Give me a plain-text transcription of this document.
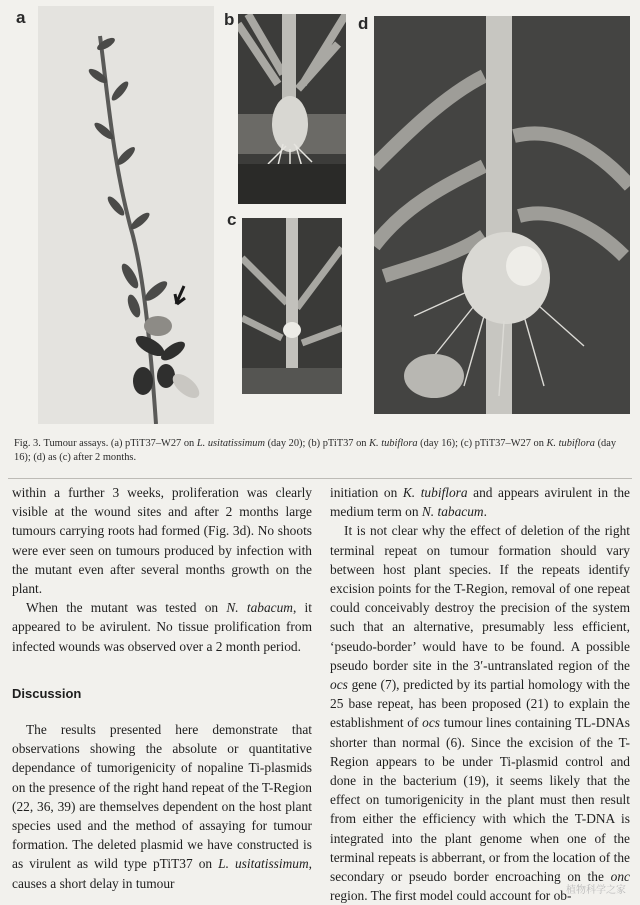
a	b
c
d
Fig. 3. Tumour assays. (a) pTiT37–W27 on L. usitatissimum (day 20); (b) pTiT37 on K. tubiflora (day 16); (c) pTiT37–W27 on K. tubiflora (day 16); (d) as (c) after 2 months.

within a further 3 weeks, proliferation was clearly visible at the wound sites and after 2 months large tumours carrying roots had formed (Fig. 3d). No shoots were ever seen on tumours produced by infection with the mutant even after several months growth on the plant.

When the mutant was tested on N. tabacum, it appeared to be avirulent. No tissue prolification from infected wounds was observed over a 2 month period.

Discussion

The results presented here demonstrate that observations showing the absolute or quantitative dependance of tumorigenicity of nopaline Ti-plasmids on the presence of the right hand repeat of the T-Region (22, 36, 39) are themselves dependent on the host plant species used and the method of assaying for tumour formation. The deleted plasmid we have constructed is as virulent as wild type pTiT37 on L. usitatissimum, causes a short delay in tumour

initiation on K. tubiflora and appears avirulent in the medium term on N. tabacum.

It is not clear why the effect of deletion of the right terminal repeat on tumour formation should vary between host plant species. If the repeats identify excision points for the T-Region, removal of one repeat could conceivably destroy the precision of the system such that an alternative, presumably less efficient, ‘pseudo-border’ would have to be found. A possible pseudo border site in the 3′-untranslated region of the ocs gene (7), predicted by its partial homology with the 25 base repeat, has been proposed (21) to explain the establishment of ocs tumour lines containing TL-DNAs shorter than normal (6). Since the excision of the T-Region appears to be under Ti-plasmid control and done in the bacterium (19), it seems likely that the effect on tumorigenicity in the plant must then result from either the efficiency with which the T-DNA is integrated into the plant genome when one of the terminal repeats is abberrant, or from the location of the secondary or pseudo border encroaching on the onc region. The first model could account for ob-

植物科学之家
